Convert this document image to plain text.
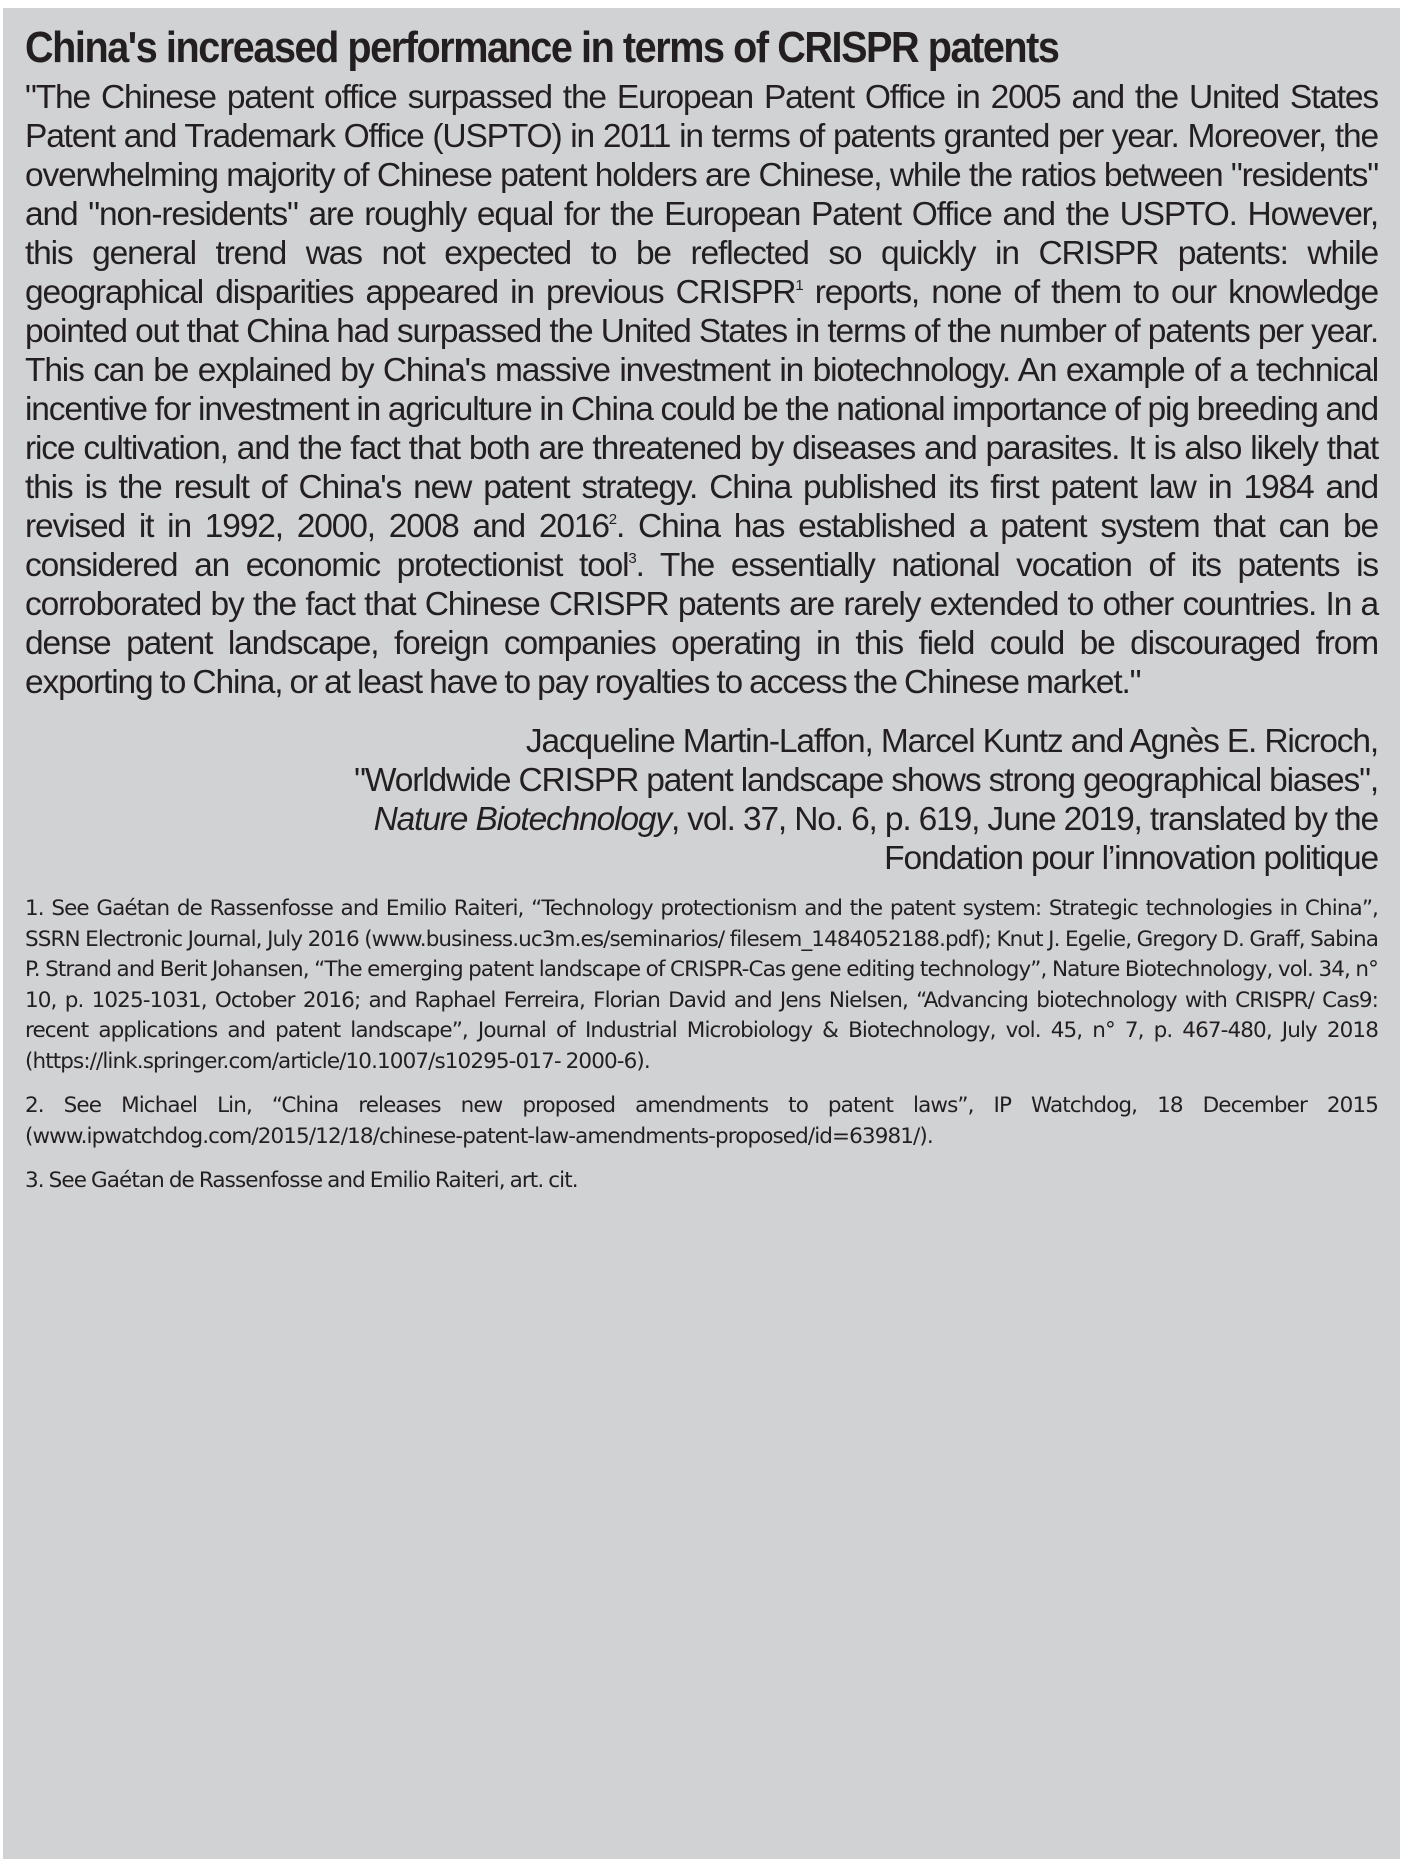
China's increased performance in terms of CRISPR patents

"The Chinese patent office surpassed the European Patent Office in 2005 and the United States Patent and Trademark Office (USPTO) in 2011 in terms of patents granted per year. Moreover, the overwhelming majority of Chinese patent holders are Chinese, while the ratios between "residents" and "non-residents" are roughly equal for the European Patent Office and the USPTO. However, this general trend was not expected to be reflected so quickly in CRISPR patents: while geographical disparities appeared in previous CRISPR$^1$ reports, none of them to our knowledge pointed out that China had surpassed the United States in terms of the number of patents per year. This can be explained by China's massive investment in biotechnology. An example of a technical incentive for investment in agriculture in China could be the national importance of pig breeding and rice cultivation, and the fact that both are threatened by diseases and parasites. It is also likely that this is the result of China's new patent strategy. China published its first patent law in 1984 and revised it in 1992, 2000, 2008 and 2016$^2$. China has established a patent system that can be considered an economic protectionist tool$^3$. The essentially national vocation of its patents is corroborated by the fact that Chinese CRISPR patents are rarely extended to other countries. In a dense patent landscape, foreign companies operating in this field could be discouraged from exporting to China, or at least have to pay royalties to access the Chinese market."

Jacqueline Martin-Laffon, Marcel Kuntz and Agnès E. Ricroch,
"Worldwide CRISPR patent landscape shows strong geographical biases",
Nature Biotechnology, vol. 37, No. 6, p. 619, June 2019, translated by the
Fondation pour l’innovation politique

1. See Gaétan de Rassenfosse and Emilio Raiteri, “Technology protectionism and the patent system: Strategic technologies in China”, SSRN Electronic Journal, July 2016 (www.business.uc3m.es/seminarios/ filesem_1484052188.pdf); Knut J. Egelie, Gregory D. Graff, Sabina P. Strand and Berit Johansen, “The emerging patent landscape of CRISPR-Cas gene editing technology”, Nature Biotechnology, vol. 34, n° 10, p. 1025-1031, October 2016; and Raphael Ferreira, Florian David and Jens Nielsen, “Advancing biotechnology with CRISPR/ Cas9: recent applications and patent landscape”, Journal of Industrial Microbiology & Biotechnology, vol. 45, n° 7, p. 467-480, July 2018 (https://link.springer.com/article/10.1007/s10295-017- 2000-6).

2. See Michael Lin, “China releases new proposed amendments to patent laws”, IP Watchdog, 18 December 2015 (www.ipwatchdog.com/2015/12/18/chinese-patent-law-amendments-proposed/id=63981/).

3. See Gaétan de Rassenfosse and Emilio Raiteri, art. cit.
